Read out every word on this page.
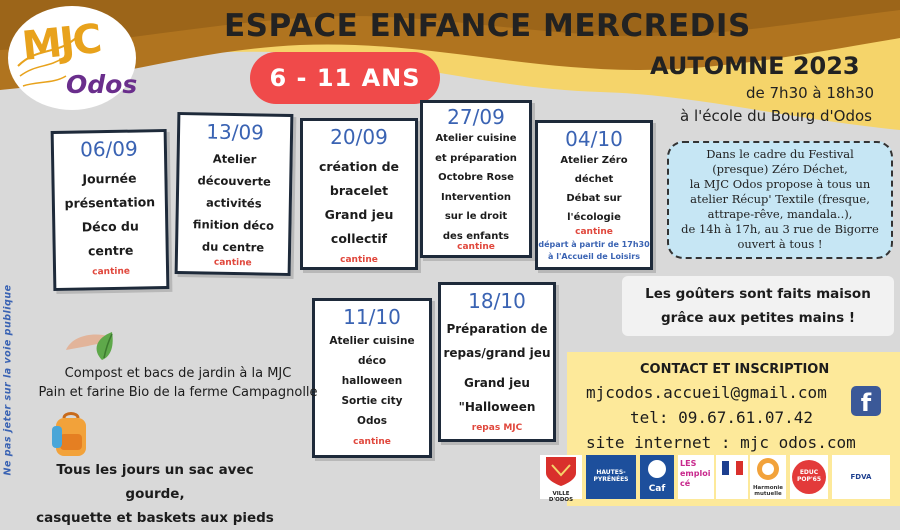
MJC
Odos
ESPACE ENFANCE MERCREDIS
AUTOMNE 2023
de 7h30 à 18h30
à l'école du Bourg d'Odos
6 - 11 ANS
06/09
Journée
présentation
Déco du
centre
cantine
13/09
Atelier
découverte
activités
finition déco
du centre
cantine
20/09
création de
bracelet
Grand jeu
collectif
cantine
27/09
Atelier cuisine
et préparation
Octobre Rose
Intervention
sur le droit
des enfants
cantine
04/10
Atelier Zéro
déchet
Débat sur
l'écologie
cantine
départ à partir de 17h30
à l'Accueil de Loisirs
11/10
Atelier cuisine
déco
halloween
Sortie city
Odos
cantine
18/10
Préparation de
repas/grand jeu
Grand jeu
"Halloween
repas MJC
Dans le cadre du Festival
(presque) Zéro Déchet,
la MJC Odos propose à tous un
atelier Récup' Textile (fresque,
attrape-rêve, mandala..),
de 14h à 17h, au 3 rue de Bigorre
ouvert à tous !
Les goûters sont faits maison
grâce aux petites mains !
CONTACT ET INSCRIPTION
mjcodos.accueil@gmail.com
tel: 09.67.61.07.42
site internet : mjc odos.com
f
Compost et bacs de jardin à la MJC
Pain et farine Bio de la ferme Campagnolle
Tous les jours un sac avec gourde,
casquette et baskets aux pieds
Ne pas jeter sur la voie publique
VILLE D'ODOS
HAUTES-PYRÉNÉES
Caf
LES emploi cé	Harmonie mutuelle
EDUC POP'65	FDVA
